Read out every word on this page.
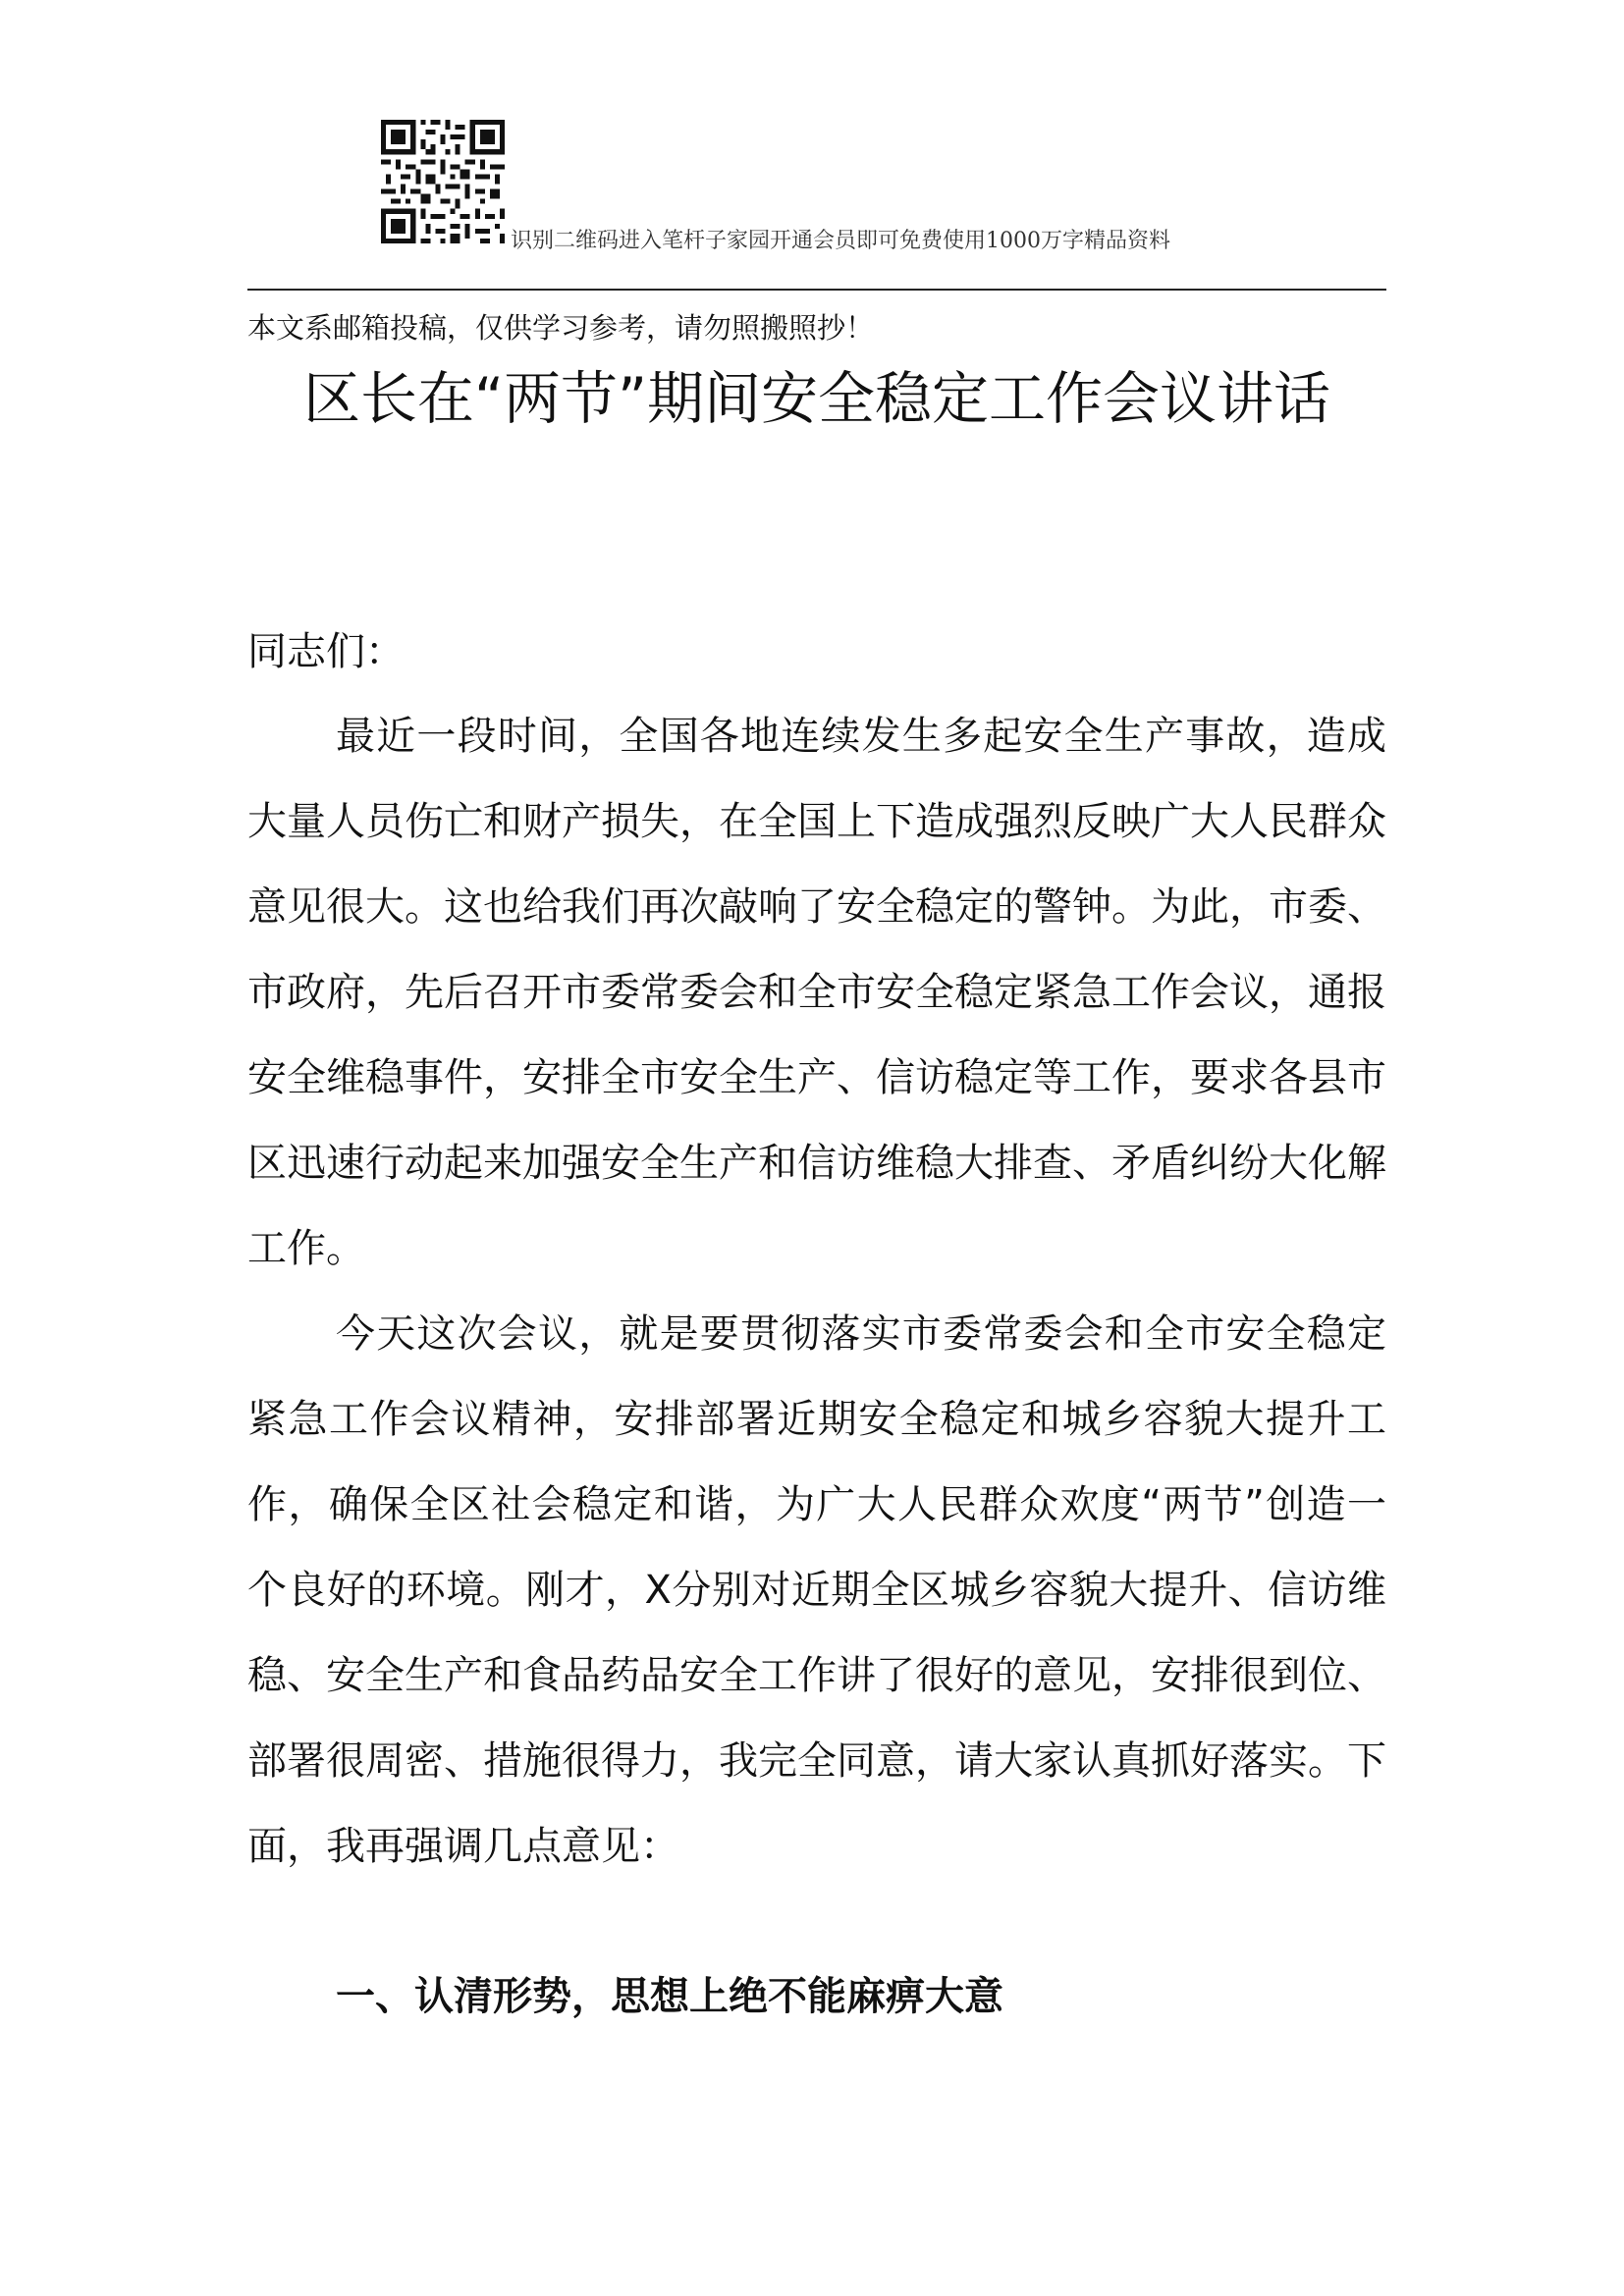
识别二维码进入笔杆子家园开通会员即可免费使用1000万字精品资料
本文系邮箱投稿，仅供学习参考，请勿照搬照抄！
区长在“两节”期间安全稳定工作会议讲话

同志们：

最近一段时间，全国各地连续发生多起安全生产事故，造成大量人员伤亡和财产损失，在全国上下造成强烈反映广大人民群众意见很大。这也给我们再次敲响了安全稳定的警钟。为此，市委、市政府，先后召开市委常委会和全市安全稳定紧急工作会议，通报安全维稳事件，安排全市安全生产、信访稳定等工作，要求各县市区迅速行动起来加强安全生产和信访维稳大排查、矛盾纠纷大化解工作。

今天这次会议，就是要贯彻落实市委常委会和全市安全稳定紧急工作会议精神，安排部署近期安全稳定和城乡容貌大提升工作，确保全区社会稳定和谐，为广大人民群众欢度“两节”创造一个良好的环境。刚才，X分别对近期全区城乡容貌大提升、信访维稳、安全生产和食品药品安全工作讲了很好的意见，安排很到位、部署很周密、措施很得力，我完全同意，请大家认真抓好落实。下面，我再强调几点意见：

一、认清形势，思想上绝不能麻痹大意
